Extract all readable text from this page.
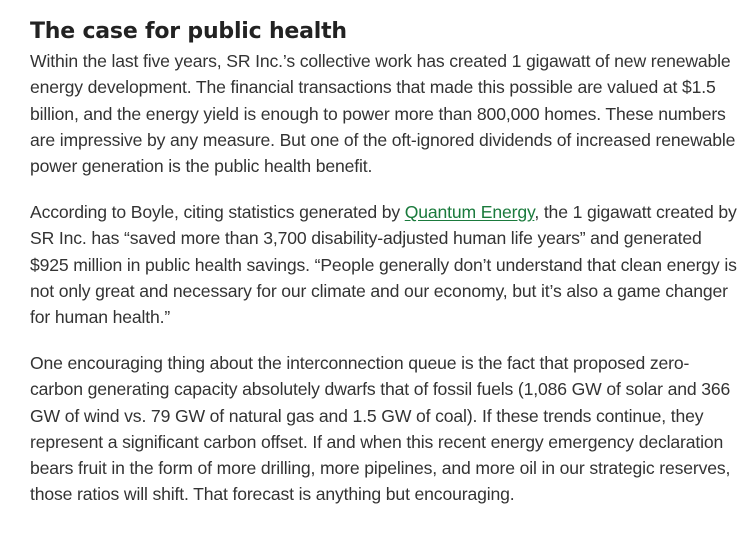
The case for public health

Within the last five years, SR Inc.’s collective work has created 1 gigawatt of new renewable energy development. The financial transactions that made this possible are valued at $1.5 billion, and the energy yield is enough to power more than 800,000 homes. These numbers are impressive by any measure. But one of the oft-ignored dividends of increased renewable power generation is the public health benefit.

According to Boyle, citing statistics generated by Quantum Energy, the 1 gigawatt created by SR Inc. has “saved more than 3,700 disability-adjusted human life years” and generated $925 million in public health savings. “People generally don’t understand that clean energy is not only great and necessary for our climate and our economy, but it’s also a game changer for human health.”

One encouraging thing about the interconnection queue is the fact that proposed zero-carbon generating capacity absolutely dwarfs that of fossil fuels (1,086 GW of solar and 366 GW of wind vs. 79 GW of natural gas and 1.5 GW of coal). If these trends continue, they represent a significant carbon offset. If and when this recent energy emergency declaration bears fruit in the form of more drilling, more pipelines, and more oil in our strategic reserves, those ratios will shift. That forecast is anything but encouraging.
